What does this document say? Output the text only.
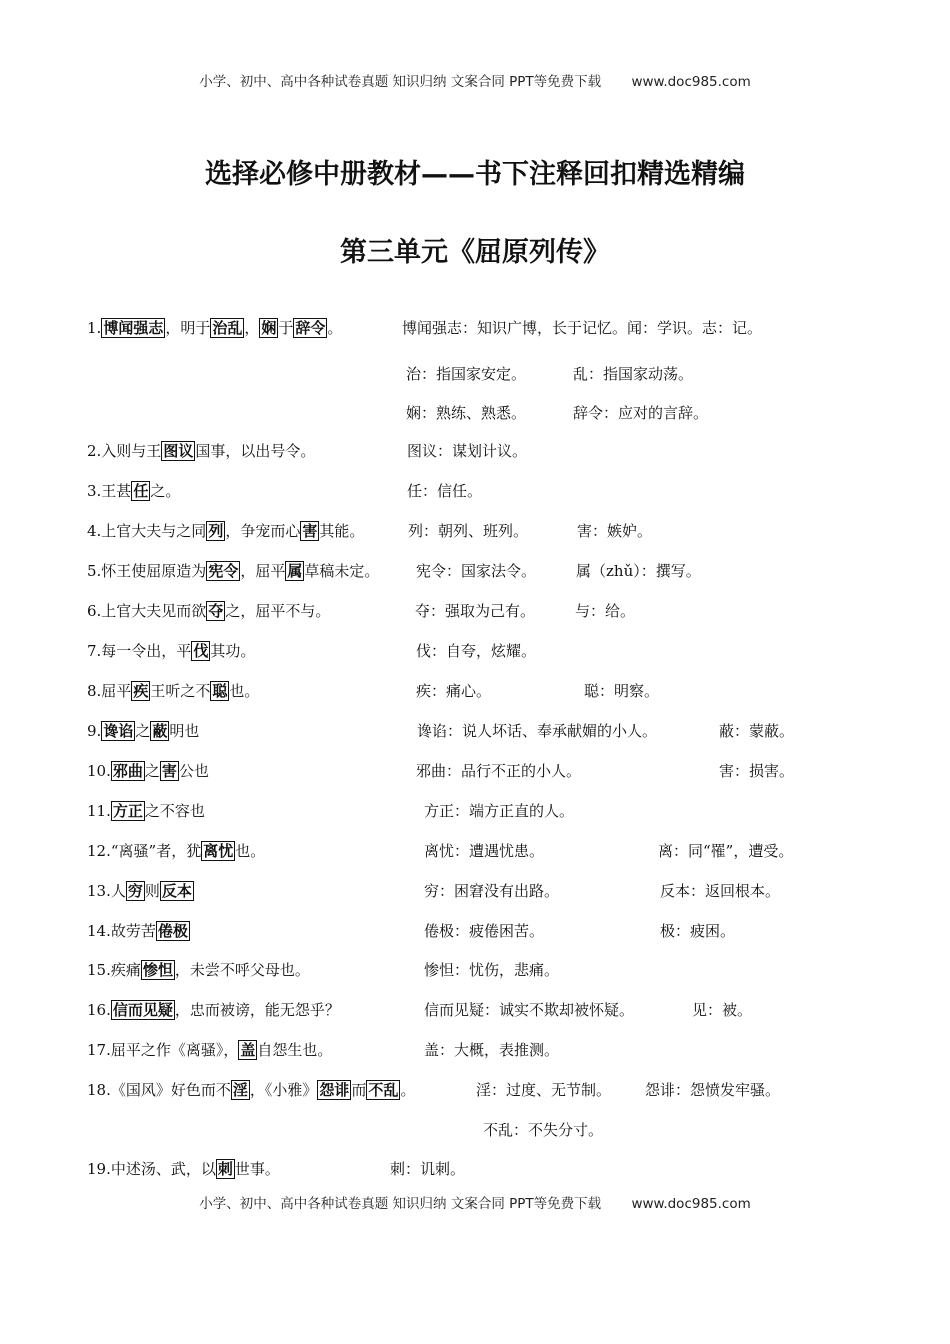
小学、初中、高中各种试卷真题 知识归纳 文案合同 PPT等免费下载 www.doc985.com
选择必修中册教材——书下注释回扣精选精编
第三单元《屈原列传》
1. 博闻强志 ，明于 治乱 ， 娴 于 辞令 。	博闻强志：知识广博，长于记忆。闻：学识。志：记。
治：指国家安定。	乱：指国家动荡。
娴：熟练、熟悉。	辞令：应对的言辞。
2.入则与王 图议 国事，以出号令。	图议：谋划计议。
3.王甚 任 之。	任：信任。
4.上官大夫与之同 列 ，争宠而心 害 其能。	列：朝列、班列。	害：嫉妒。
5.怀王使屈原造为 宪令 ，屈平 属 草稿未定。 宪令：国家法令。	属（zhǔ）：撰写。
6.上官大夫见而欲 夺 之，屈平不与。	夺：强取为己有。	与：给。
7.每一令出，平 伐 其功。	伐：自夸，炫耀。
8.屈平 疾 王听之不 聪 也。	疾：痛心。	聪：明察。
9. 谗谄 之 蔽 明也	谗谄：说人坏话、奉承献媚的小人。	蔽：蒙蔽。
10. 邪曲 之 害 公也	邪曲：品行不正的小人。	害：损害。
11. 方正 之不容也	方正：端方正直的人。
12.“离骚”者，犹 离忧 也。	离忧：遭遇忧患。	离：同“罹”，遭受。
13.人 穷 则 反本	穷：困窘没有出路。	反本：返回根本。
14.故劳苦 倦极	倦极：疲倦困苦。	极：疲困。
15.疾痛 惨怛 ，未尝不呼父母也。	惨怛：忧伤，悲痛。
16. 信而见疑 ，忠而被谤，能无怨乎？	信而见疑：诚实不欺却被怀疑。	见：被。
17.屈平之作《离骚》， 盖 自怨生也。	盖：大概，表推测。
18.《国风》好色而不 淫 ，《小雅》 怨诽 而 不乱 。	淫：过度、无节制。 怨诽：怨愤发牢骚。
不乱：不失分寸。
19.中述汤、武，以 刺 世事。	刺：讥刺。
小学、初中、高中各种试卷真题 知识归纳 文案合同 PPT等免费下载 www.doc985.com
